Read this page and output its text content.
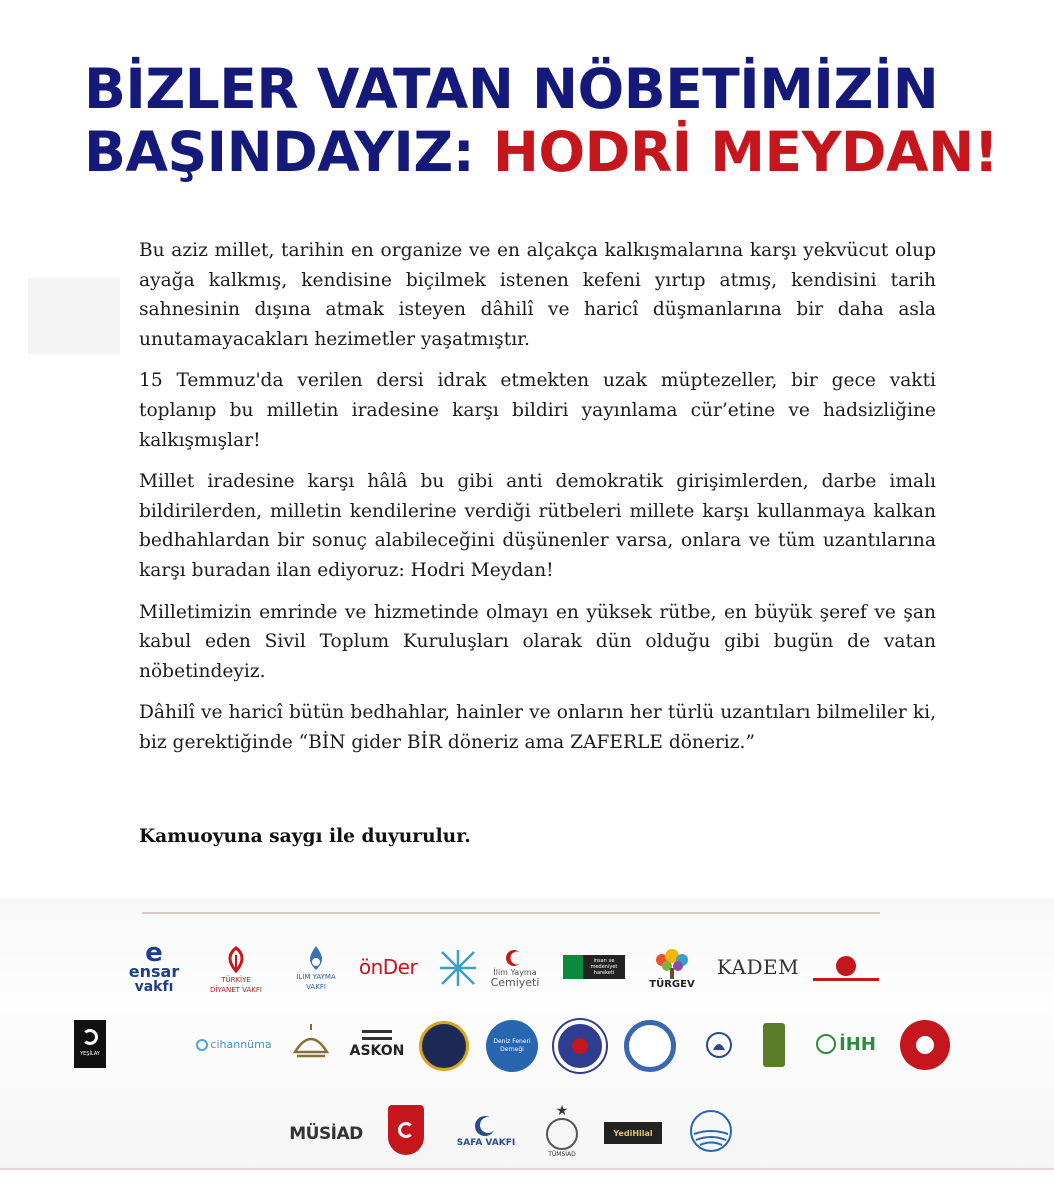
BİZLER VATAN NÖBETİMİZİN
BAŞINDAYIZ: HODRİ MEYDAN!

Bu aziz millet, tarihin en organize ve en alçakça kalkışmalarına karşı yekvücut olup ayağa kalkmış, kendisine biçilmek istenen kefeni yırtıp atmış, kendisini tarih sahnesinin dışına atmak isteyen dâhilî ve haricî düşmanlarına bir daha asla unutamayacakları hezimetler yaşatmıştır.

15 Temmuz'da verilen dersi idrak etmekten uzak müptezeller, bir gece vakti toplanıp bu milletin iradesine karşı bildiri yayınlama cür’etine ve hadsizliğine kalkışmışlar!

Millet iradesine karşı hâlâ bu gibi anti demokratik girişimlerden, darbe imalı bildirilerden, milletin kendilerine verdiği rütbeleri millete karşı kullanmaya kalkan bedhahlardan bir sonuç alabileceğini düşünenler varsa, onlara ve tüm uzantılarına karşı buradan ilan ediyoruz: Hodri Meydan!

Milletimizin emrinde ve hizmetinde olmayı en yüksek rütbe, en büyük şeref ve şan kabul eden Sivil Toplum Kuruluşları olarak dün olduğu gibi bugün de vatan nöbetindeyiz.

Dâhilî ve haricî bütün bedhahlar, hainler ve onların her türlü uzantıları bilmeliler ki, biz gerektiğinde “BİN gider BİR döneriz ama ZAFERLE döneriz.”

Kamuoyuna saygı ile duyurulur.
e
ensar
vakfı	TÜRKİYE
DİYANET VAKFI
İLİM YAYMA
VAKFI
önDer	İlim Yayma
Cemiyeti
insan ve
medeniyet
hareketi
TÜRGEV
KADEM
YEŞİLAY
cihannüma	ASKON
Deniz Feneri
Derneği	İHH
MÜSİAD	SAFA VAKFI
★
TÜMSİAD
YediHilal
